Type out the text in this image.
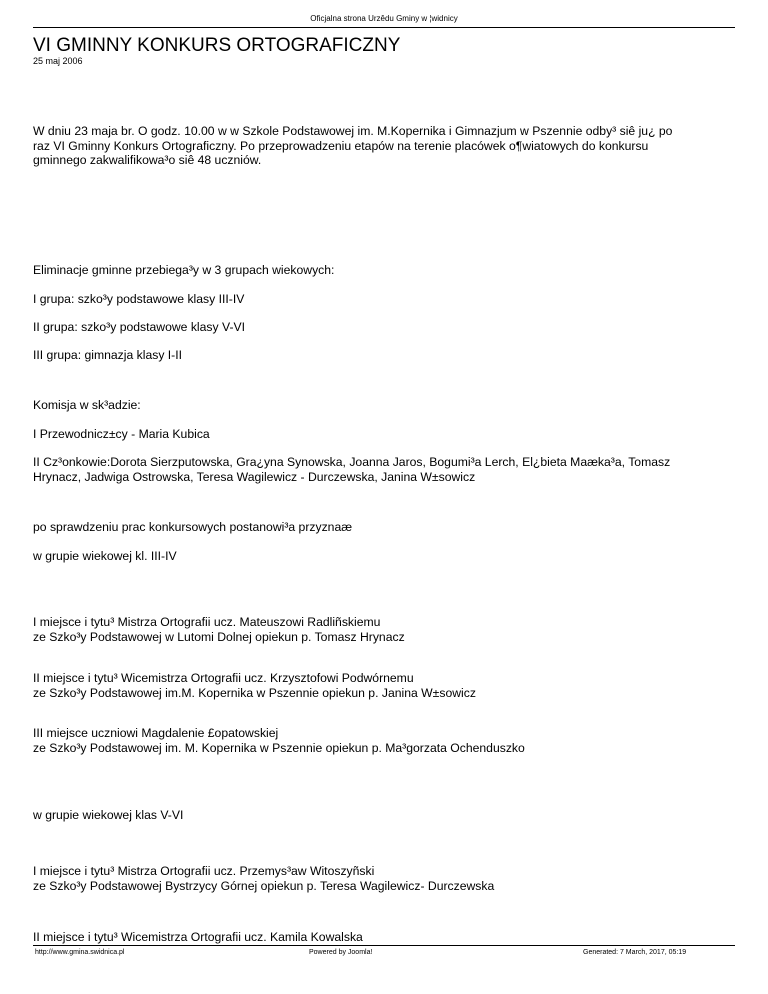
Oficjalna strona Urzêdu Gminy w ¦widnicy
VI GMINNY KONKURS ORTOGRAFICZNY
25 maj 2006
W dniu 23 maja br. O godz. 10.00 w w Szkole Podstawowej im. M.Kopernika i Gimnazjum w Pszennie odby³ siê ju¿ po
raz VI Gminny Konkurs Ortograficzny. Po przeprowadzeniu etapów na terenie placówek o¶wiatowych do konkursu
gminnego zakwalifikowa³o siê 48 uczniów.
Eliminacje gminne przebiega³y w 3 grupach wiekowych:
I grupa: szko³y podstawowe klasy III-IV
II grupa: szko³y podstawowe klasy V-VI
III grupa: gimnazja klasy I-II
Komisja w sk³adzie:
I Przewodnicz±cy - Maria Kubica
II Cz³onkowie:Dorota Sierzputowska, Gra¿yna Synowska, Joanna Jaros, Bogumi³a Lerch, El¿bieta Maæka³a, Tomasz
Hrynacz, Jadwiga Ostrowska, Teresa Wagilewicz - Durczewska, Janina W±sowicz
po sprawdzeniu prac konkursowych postanowi³a przyznaæ
w grupie wiekowej kl. III-IV
I miejsce i tytu³ Mistrza Ortografii ucz. Mateuszowi Radliñskiemu
ze Szko³y Podstawowej w Lutomi Dolnej opiekun p. Tomasz Hrynacz
II miejsce i tytu³ Wicemistrza Ortografii ucz. Krzysztofowi Podwórnemu
ze Szko³y Podstawowej im.M. Kopernika w Pszennie opiekun p. Janina W±sowicz
III miejsce uczniowi Magdalenie £opatowskiej
ze Szko³y Podstawowej im. M. Kopernika w Pszennie opiekun p. Ma³gorzata Ochenduszko
w grupie wiekowej klas V-VI
I miejsce i tytu³ Mistrza Ortografii ucz. Przemys³aw Witoszyñski
ze Szko³y Podstawowej Bystrzycy Górnej opiekun p. Teresa Wagilewicz- Durczewska
II miejsce i tytu³ Wicemistrza Ortografii ucz. Kamila Kowalska
http://www.gmina.swidnica.pl	Powered by Joomla!	Generated: 7 March, 2017, 05:19
